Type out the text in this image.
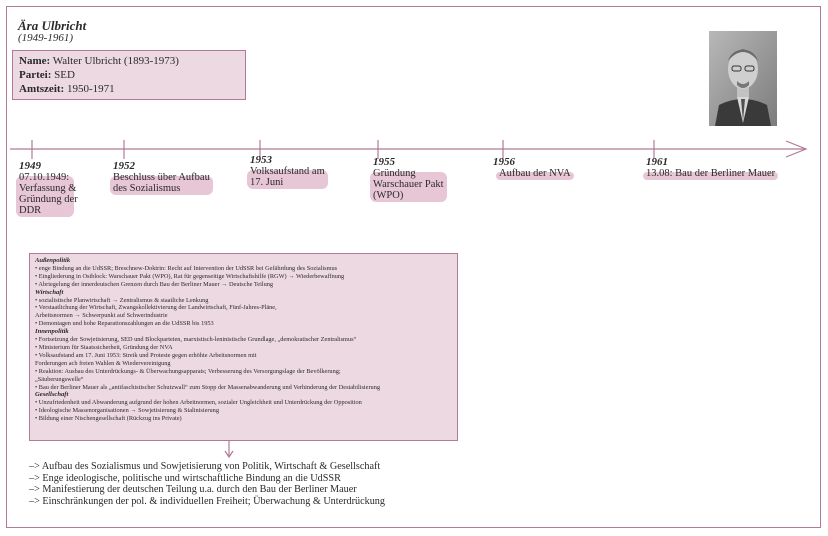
Ära Ulbricht
(1949-1961)
Name: Walter Ulbricht (1893-1973)
Partei: SED
Amtszeit: 1950-1971
1949
07.10.1949:
Verfassung &
Gründung der
DDR
1952
Beschluss über Aufbau
des Sozialismus
1953
Volksaufstand am
17. Juni
1955
Gründung
Warschauer Pakt
(WPO)
1956
Aufbau der NVA
1961
13.08: Bau der Berliner Mauer
Außenpolitik
• enge Bindung an die UdSSR; Breschnew-Doktrin: Recht auf Intervention der UdSSR bei Gefährdung des Sozialismus
• Eingliederung in Ostblock: Warschauer Pakt (WPO), Rat für gegenseitige Wirtschaftshilfe (RGW) → Wiederbewaffnung
• Abriegelung der innerdeutschen Grenzen durch Bau der Berliner Mauer → Deutsche Teilung
Wirtschaft
• sozialistische Planwirtschaft → Zentralismus & staatliche Lenkung
• Verstaatlichung der Wirtschaft, Zwangskollektivierung der Landwirtschaft, Fünf-Jahres-Pläne,
Arbeitsnormen → Schwerpunkt auf Schwerindustrie
• Demontagen und hohe Reparationszahlungen an die UdSSR bis 1953
Innenpolitik
• Fortsetzung der Sowjetisierung, SED und Blockparteien, marxistisch-leninistische Grundlage, „demokratischer Zentralismus“
• Ministerium für Staatssicherheit, Gründung der NVA
• Volksaufstand am 17. Juni 1953: Streik und Proteste gegen erhöhte Arbeitsnormen mit
Forderungen ach freien Wahlen & Wiedervereinigung
• Reaktion: Ausbau des Unterdrückungs- & Überwachungsapparats; Verbesserung des Versorgungslage der Bevölkerung;
„Säuberungswelle“
• Bau der Berliner Mauer als „antifaschistischer Schutzwall“ zum Stopp der Massenabwanderung und Verhinderung der Destabilisierung
Gesellschaft
• Unzufriedenheit und Abwanderung aufgrund der hohen Arbeitnormen, sozialer Ungleichheit und Unterdrückung der Opposition
• Ideologische Massenorganisationen → Sowjetisierung & Stalinisierung
• Bildung einer Nischengesellschaft (Rückzug ins Private)
–> Aufbau des Sozialismus und Sowjetisierung von Politik, Wirtschaft & Gesellschaft
–> Enge ideologische, politische und wirtschaftliche Bindung an die UdSSR
–> Manifestierung der deutschen Teilung u.a. durch den Bau der Berliner Mauer
–> Einschränkungen der pol. & individuellen Freiheit; Überwachung & Unterdrückung
